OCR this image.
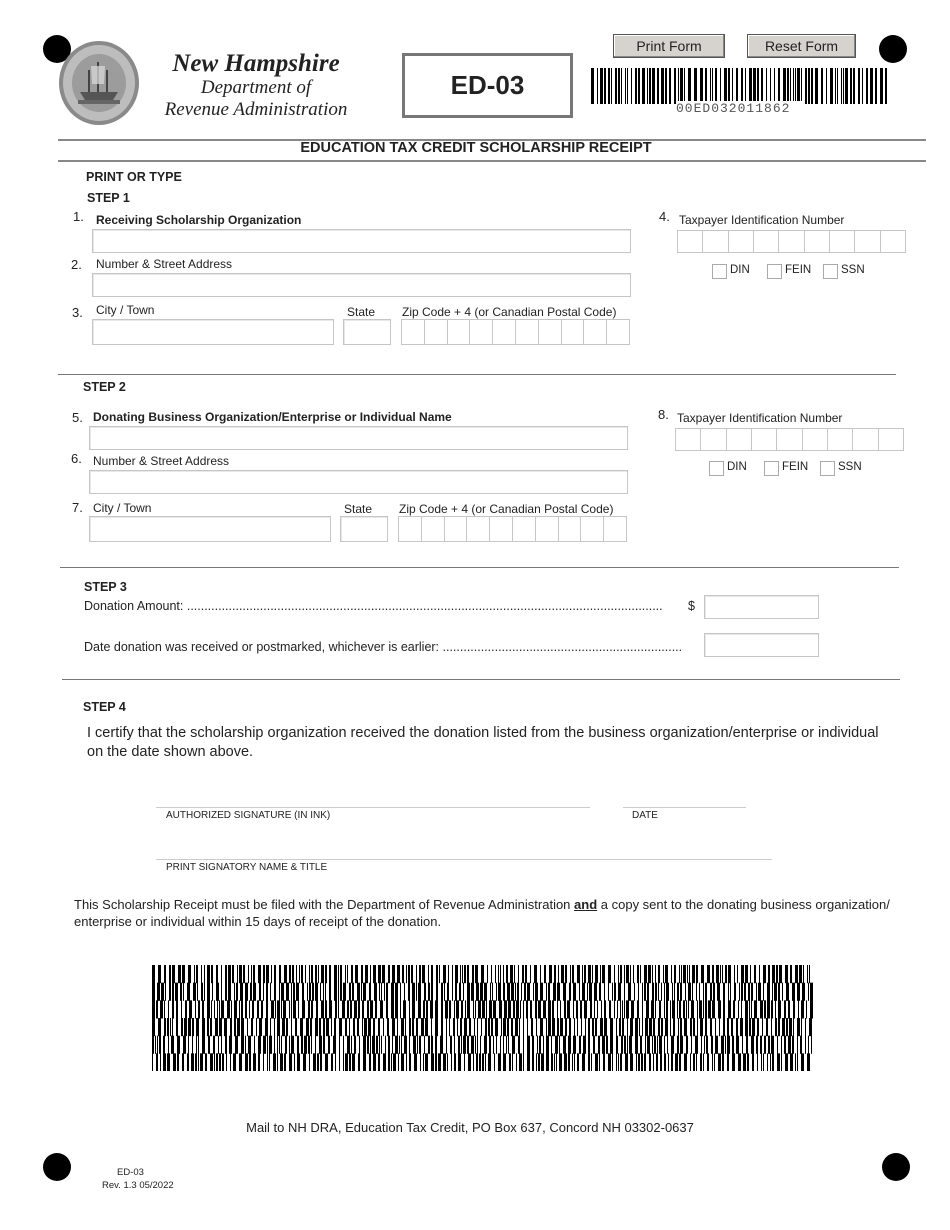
New Hampshire
Department of
Revenue Administration
ED-03
Print Form	Reset Form
00ED032011862
EDUCATION TAX CREDIT SCHOLARSHIP RECEIPT
PRINT OR TYPE
STEP 1
1. Receiving Scholarship Organization
2. Number & Street Address
3. City / Town	State Zip Code + 4 (or Canadian Postal Code)
4. Taxpayer Identification Number
DIN	FEIN	SSN
STEP 2
5. Donating Business Organization/Enterprise or Individual Name
6. Number & Street Address
7. City / Town	State Zip Code + 4 (or Canadian Postal Code)
8. Taxpayer Identification Number
DIN	FEIN	SSN
STEP 3
Donation Amount: ......................................................................................................................................... $
Date donation was received or postmarked, whichever is earlier: .....................................................................
STEP 4
I certify that the scholarship organization received the donation listed from the business organization/enterprise or individual
on the date shown above.
AUTHORIZED SIGNATURE (IN INK)	DATE
PRINT SIGNATORY NAME & TITLE
This Scholarship Receipt must be filed with the Department of Revenue Administration and a copy sent to the donating business organization/
enterprise or individual within 15 days of receipt of the donation.
Mail to NH DRA, Education Tax Credit, PO Box 637, Concord NH 03302-0637
ED-03
Rev. 1.3 05/2022
